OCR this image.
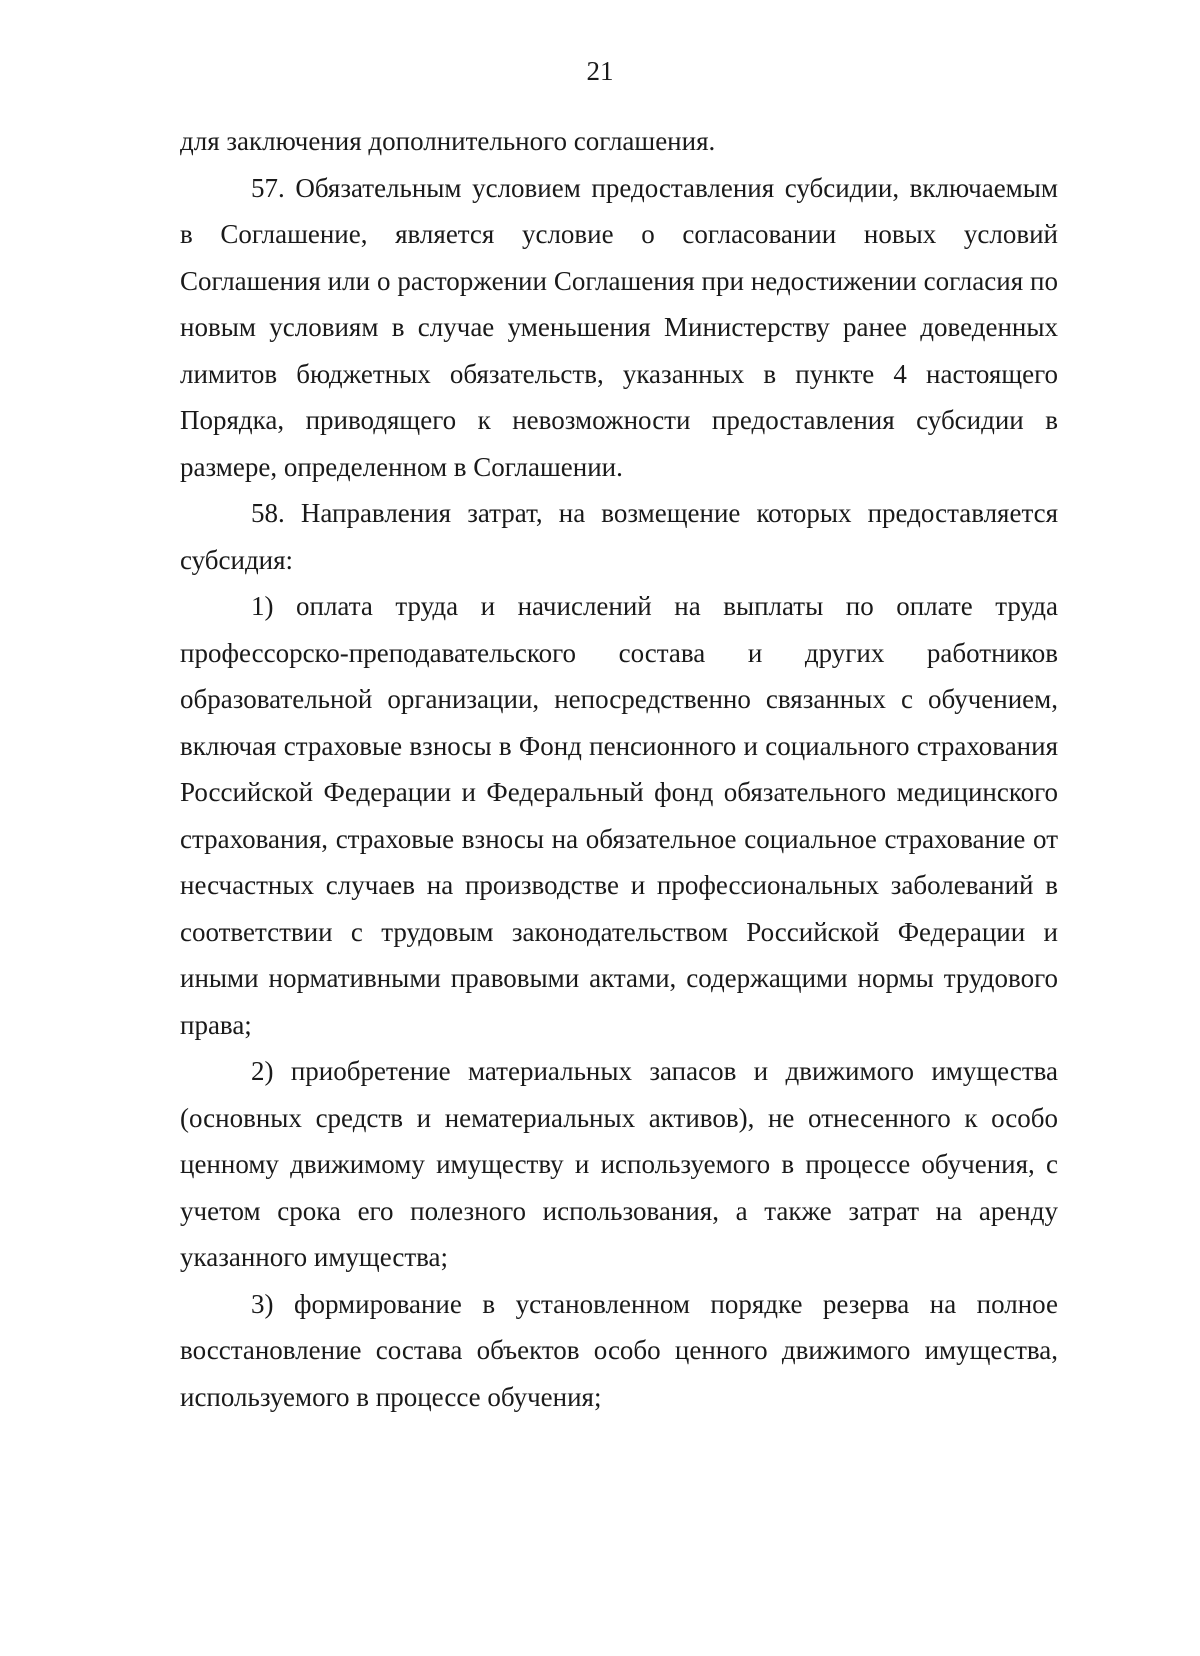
21

для заключения дополнительного соглашения.

57. Обязательным условием предоставления субсидии, включаемым в Соглашение, является условие о согласовании новых условий Соглашения или о расторжении Соглашения при недостижении согласия по новым условиям в случае уменьшения Министерству ранее доведенных лимитов бюджетных обязательств, указанных в пункте 4 настоящего Порядка, приводящего к невозможности предоставления субсидии в размере, определенном в Соглашении.

58. Направления затрат, на возмещение которых предоставляется субсидия:

1) оплата труда и начислений на выплаты по оплате труда профессорско-преподавательского состава и других работников образовательной организации, непосредственно связанных с обучением, включая страховые взносы в Фонд пенсионного и социального страхования Российской Федерации и Федеральный фонд обязательного медицинского страхования, страховые взносы на обязательное социальное страхование от несчастных случаев на производстве и профессиональных заболеваний в соответствии с трудовым законодательством Российской Федерации и иными нормативными правовыми актами, содержащими нормы трудового права;

2) приобретение материальных запасов и движимого имущества (основных средств и нематериальных активов), не отнесенного к особо ценному движимому имуществу и используемого в процессе обучения, с учетом срока его полезного использования, а также затрат на аренду указанного имущества;

3) формирование в установленном порядке резерва на полное восстановление состава объектов особо ценного движимого имущества, используемого в процессе обучения;
